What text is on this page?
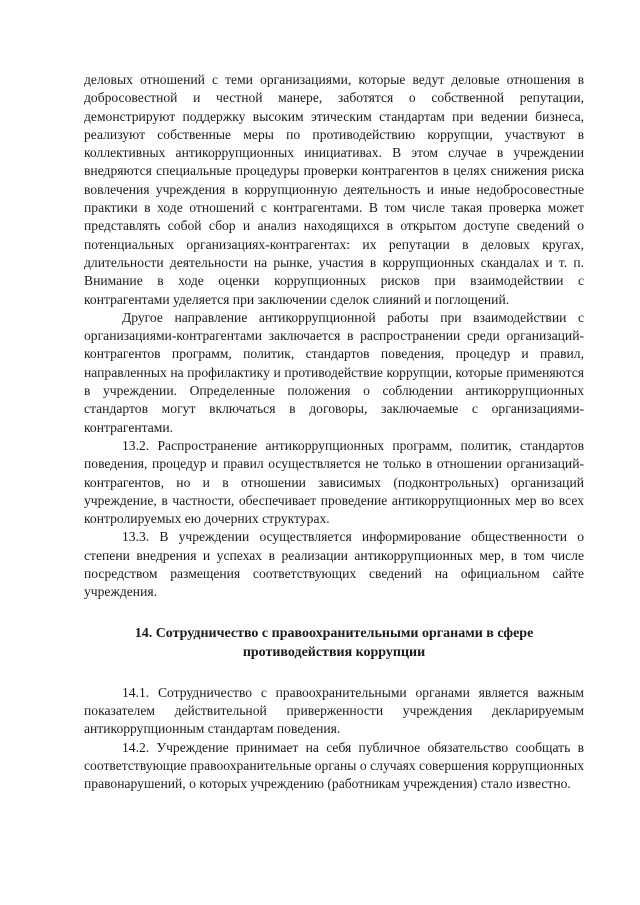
деловых отношений с теми организациями, которые ведут деловые отношения в добросовестной и честной манере, заботятся о собственной репутации, демонстрируют поддержку высоким этическим стандартам при ведении бизнеса, реализуют собственные меры по противодействию коррупции, участвуют в коллективных антикоррупционных инициативах. В этом случае в учреждении внедряются специальные процедуры проверки контрагентов в целях снижения риска вовлечения учреждения в коррупционную деятельность и иные недобросовестные практики в ходе отношений с контрагентами. В том числе такая проверка может представлять собой сбор и анализ находящихся в открытом доступе сведений о потенциальных организациях-контрагентах: их репутации в деловых кругах, длительности деятельности на рынке, участия в коррупционных скандалах и т. п. Внимание в ходе оценки коррупционных рисков при взаимодействии с контрагентами уделяется при заключении сделок слияний и поглощений.

Другое направление антикоррупционной работы при взаимодействии с организациями-контрагентами заключается в распространении среди организаций-контрагентов программ, политик, стандартов поведения, процедур и правил, направленных на профилактику и противодействие коррупции, которые применяются в учреждении. Определенные положения о соблюдении антикоррупционных стандартов могут включаться в договоры, заключаемые с организациями-контрагентами.

13.2. Распространение антикоррупционных программ, политик, стандартов поведения, процедур и правил осуществляется не только в отношении организаций-контрагентов, но и в отношении зависимых (подконтрольных) организаций учреждение, в частности, обеспечивает проведение антикоррупционных мер во всех контролируемых ею дочерних структурах.

13.3. В учреждении осуществляется информирование общественности о степени внедрения и успехах в реализации антикоррупционных мер, в том числе посредством размещения соответствующих сведений на официальном сайте учреждения.

14. Сотрудничество с правоохранительными органами в сфере

противодействия коррупции

14.1. Сотрудничество с правоохранительными органами является важным показателем действительной приверженности учреждения декларируемым антикоррупционным стандартам поведения.

14.2. Учреждение принимает на себя публичное обязательство сообщать в соответствующие правоохранительные органы о случаях совершения коррупционных правонарушений, о которых учреждению (работникам учреждения) стало известно.
